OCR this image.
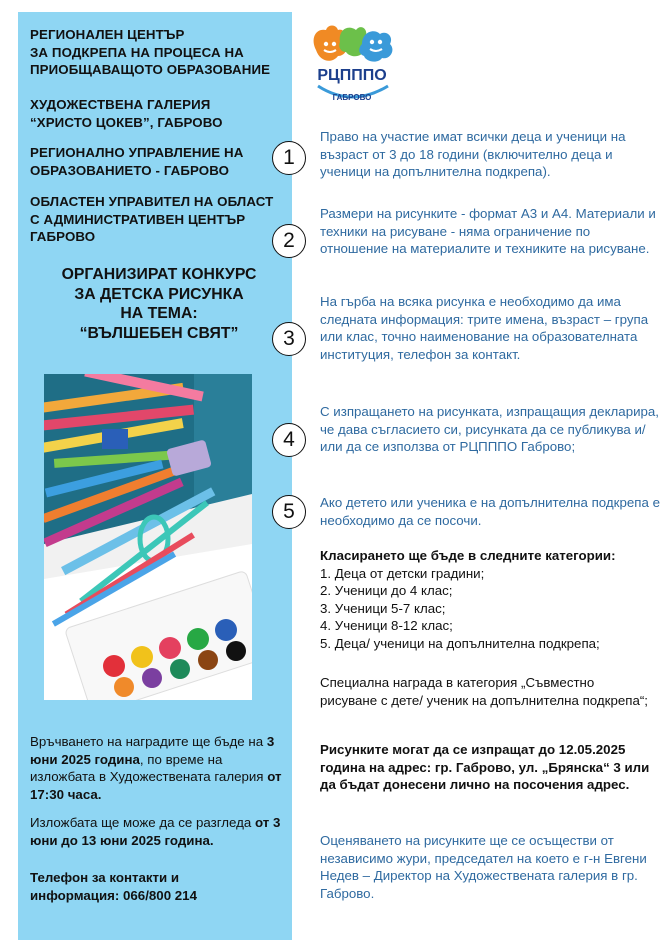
РЕГИОНАЛЕН ЦЕНТЪР
ЗА ПОДКРЕПА НА ПРОЦЕСА НА
ПРИОБЩАВАЩОТО ОБРАЗОВАНИЕ
ХУДОЖЕСТВЕНА ГАЛЕРИЯ
“ХРИСТО ЦОКЕВ”, ГАБРОВО
РЕГИОНАЛНО УПРАВЛЕНИЕ НА
ОБРАЗОВАНИЕТО - ГАБРОВО
ОБЛАСТЕН УПРАВИТЕЛ НА ОБЛАСТ
С АДМИНИСТРАТИВЕН ЦЕНТЪР
ГАБРОВО
ОРГАНИЗИРАТ КОНКУРС
ЗА ДЕТСКА РИСУНКА
НА ТЕМА:
“ВЪЛШЕБЕН СВЯТ”
Връчването на наградите ще бъде на 3 юни 2025 година, по време на изложбата в Художествената галерия от 17:30 часа.
Изложбата ще може да се разгледа от 3 юни до 13 юни 2025 година.
Телефон за контакти и
информация: 066/800 214
РЦПППО
ГАБРОВО
1
Право на участие имат всички деца и ученици на възраст от 3 до 18 години (включително деца и ученици на допълнителна подкрепа).
2
Размери на рисунките - формат А3 и А4. Материали и техники на рисуване - няма ограничение по отношение на материалите и техниките на рисуване.
3
На гърба на всяка рисунка е необходимо да има следната информация: трите имена, възраст – група или клас, точно наименование на образователната институция, телефон за контакт.
4
С изпращането на рисунката, изпращащия декларира, че дава съгласието си, рисунката да се публикува и/или да се използва от РЦПППО Габрово;
5	Ако детето или ученика е на допълнителна подкрепа е необходимо да се посочи.
Класирането ще бъде в следните категории:
1. Деца от детски градини;
2. Ученици до 4 клас;
3. Ученици 5-7 клас;
4. Ученици 8-12 клас;
5. Деца/ ученици на допълнителна подкрепа;
Специална награда в категория „Съвместно рисуване с дете/ ученик на допълнителна подкрепа“;
Рисунките могат да се изпращат до 12.05.2025 година на адрес: гр. Габрово, ул. „Брянска“ 3 или да бъдат донесени лично на посочения адрес.
Оценяването на рисунките ще се осъществи от независимо жури, председател на което е г-н Евгени Недев – Директор на Художествената галерия в гр. Габрово.
